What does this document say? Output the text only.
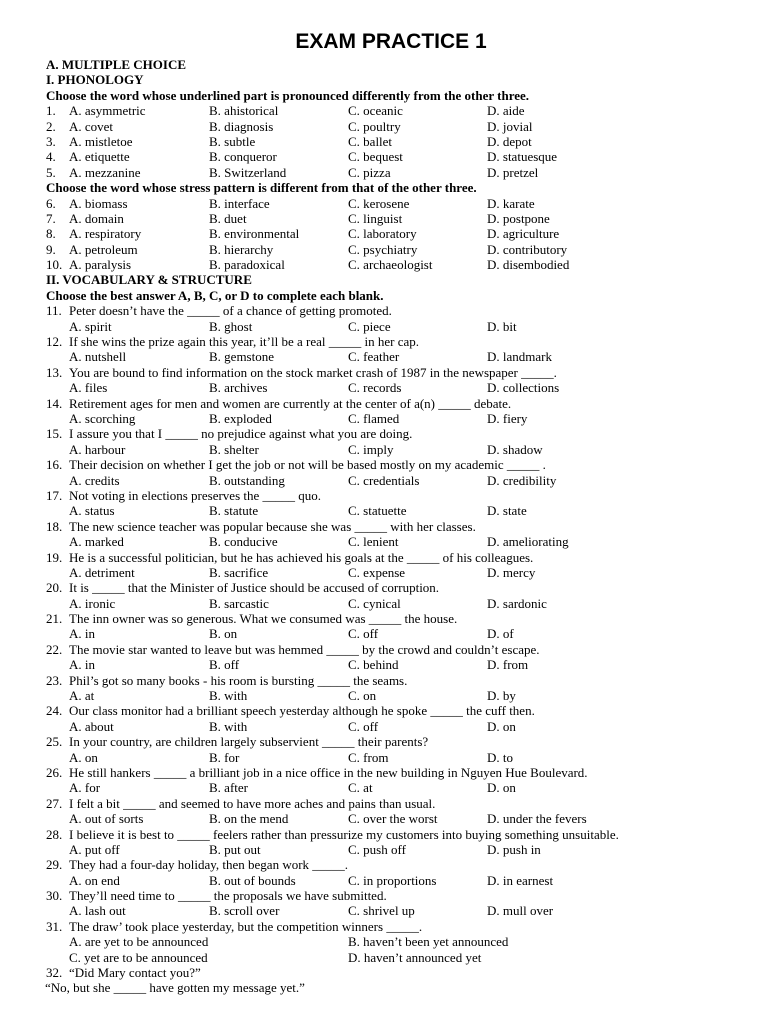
EXAM PRACTICE 1
A. MULTIPLE CHOICE
I. PHONOLOGY
Choose the word whose underlined part is pronounced differently from the other three.
1. A. asymmetric	B. ahistorical	C. oceanic	D. aide
2. A. covet	B. diagnosis	C. poultry	D. jovial
3. A. mistletoe	B. subtle	C. ballet	D. depot
4. A. etiquette	B. conqueror	C. bequest	D. statuesque
5. A. mezzanine	B. Switzerland	C. pizza	D. pretzel
Choose the word whose stress pattern is different from that of the other three.
6. A. biomass	B. interface	C. kerosene	D. karate
7. A. domain	B. duet	C. linguist	D. postpone
8. A. respiratory	B. environmental	C. laboratory	D. agriculture
9. A. petroleum	B. hierarchy	C. psychiatry	D. contributory
10. A. paralysis	B. paradoxical	C. archaeologist	D. disembodied
II. VOCABULARY & STRUCTURE
Choose the best answer A, B, C, or D to complete each blank.
11. Peter doesn’t have the _____ of a chance of getting promoted.
A. spirit	B. ghost	C. piece	D. bit
12. If she wins the prize again this year, it’ll be a real _____ in her cap.
A. nutshell	B. gemstone	C. feather	D. landmark
13. You are bound to find information on the stock market crash of 1987 in the newspaper _____.
A. files	B. archives	C. records	D. collections
14. Retirement ages for men and women are currently at the center of a(n) _____ debate.
A. scorching	B. exploded	C. flamed	D. fiery
15. I assure you that I _____ no prejudice against what you are doing.
A. harbour	B. shelter	C. imply	D. shadow
16. Their decision on whether I get the job or not will be based mostly on my academic _____ .
A. credits	B. outstanding	C. credentials	D. credibility
17. Not voting in elections preserves the _____ quo.
A. status	B. statute	C. statuette	D. state
18. The new science teacher was popular because she was _____ with her classes.
A. marked	B. conducive	C. lenient	D. ameliorating
19. He is a successful politician, but he has achieved his goals at the _____ of his colleagues.
A. detriment	B. sacrifice	C. expense	D. mercy
20. It is _____ that the Minister of Justice should be accused of corruption.
A. ironic	B. sarcastic	C. cynical	D. sardonic
21. The inn owner was so generous. What we consumed was _____ the house.
A. in	B. on	C. off	D. of
22. The movie star wanted to leave but was hemmed _____ by the crowd and couldn’t escape.
A. in	B. off	C. behind	D. from
23. Phil’s got so many books - his room is bursting _____ the seams.
A. at	B. with	C. on	D. by
24. Our class monitor had a brilliant speech yesterday although he spoke _____ the cuff then.
A. about	B. with	C. off	D. on
25. In your country, are children largely subservient _____ their parents?
A. on	B. for	C. from	D. to
26. He still hankers _____ a brilliant job in a nice office in the new building in Nguyen Hue Boulevard.
A. for	B. after	C. at	D. on
27. I felt a bit _____ and seemed to have more aches and pains than usual.
A. out of sorts	B. on the mend	C. over the worst	D. under the fevers
28. I believe it is best to _____ feelers rather than pressurize my customers into buying something unsuitable.
A. put off	B. put out	C. push off	D. push in
29. They had a four-day holiday, then began work _____.
A. on end	B. out of bounds	C. in proportions	D. in earnest
30. They’ll need time to _____ the proposals we have submitted.
A. lash out	B. scroll over	C. shrivel up	D. mull over
31. The draw’ took place yesterday, but the competition winners _____.
A. are yet to be announced	B. haven’t been yet announced
C. yet are to be announced	D. haven’t announced yet
32. “Did Mary contact you?”
“No, but she _____ have gotten my message yet.”
